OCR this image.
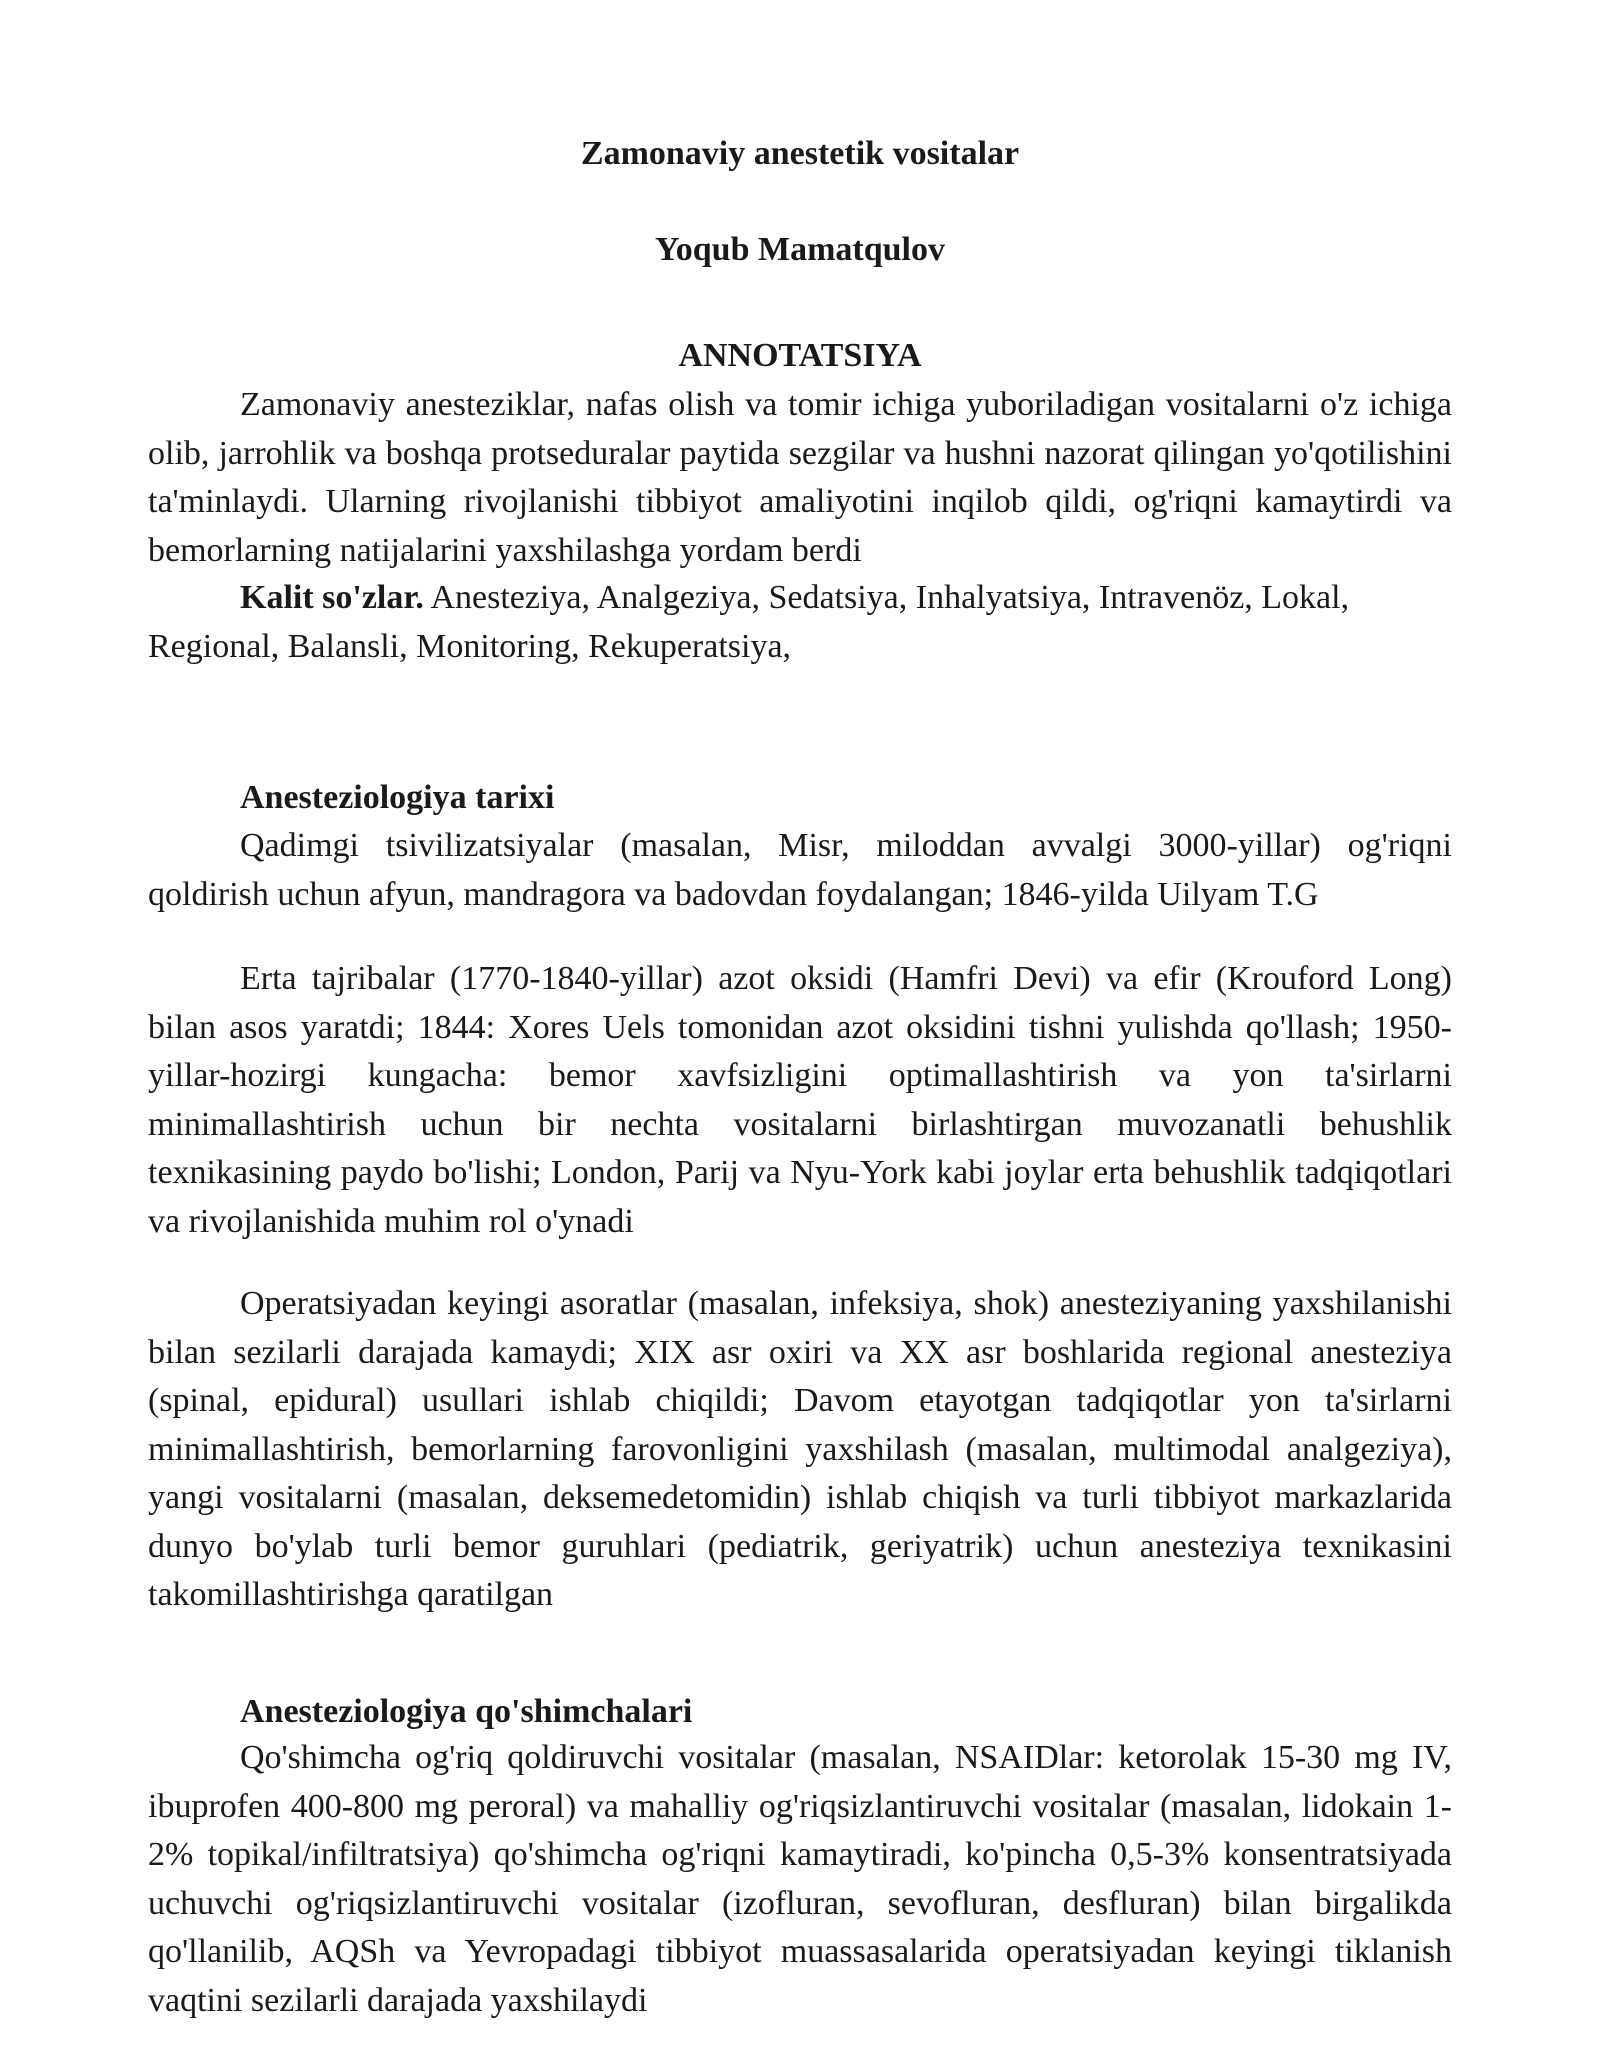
Zamonaviy anestetik vositalar
Yoqub Mamatqulov
ANNOTATSIYA

Zamonaviy anesteziklar, nafas olish va tomir ichiga yuboriladigan vositalarni o'z ichiga olib, jarrohlik va boshqa protseduralar paytida sezgilar va hushni nazorat qilingan yo'qotilishini ta'minlaydi. Ularning rivojlanishi tibbiyot amaliyotini inqilob qildi, og'riqni kamaytirdi va bemorlarning natijalarini yaxshilashga yordam berdi

Kalit so'zlar. Anesteziya, Analgeziya, Sedatsiya, Inhalyatsiya, Intravenöz, Lokal, Regional, Balansli, Monitoring, Rekuperatsiya,

Anesteziologiya tarixi

Qadimgi tsivilizatsiyalar (masalan, Misr, miloddan avvalgi 3000-yillar) og'riqni qoldirish uchun afyun, mandragora va badovdan foydalangan; 1846-yilda Uilyam T.G

Erta tajribalar (1770-1840-yillar) azot oksidi (Hamfri Devi) va efir (Krouford Long) bilan asos yaratdi; 1844: Xores Uels tomonidan azot oksidini tishni yulishda qo'llash; 1950-yillar-hozirgi kungacha: bemor xavfsizligini optimallashtirish va yon ta'sirlarni minimallashtirish uchun bir nechta vositalarni birlashtirgan muvozanatli behushlik texnikasining paydo bo'lishi; London, Parij va Nyu-York kabi joylar erta behushlik tadqiqotlari va rivojlanishida muhim rol o'ynadi

Operatsiyadan keyingi asoratlar (masalan, infeksiya, shok) anesteziyaning yaxshilanishi bilan sezilarli darajada kamaydi; XIX asr oxiri va XX asr boshlarida regional anesteziya (spinal, epidural) usullari ishlab chiqildi; Davom etayotgan tadqiqotlar yon ta'sirlarni minimallashtirish, bemorlarning farovonligini yaxshilash (masalan, multimodal analgeziya), yangi vositalarni (masalan, deksemedetomidin) ishlab chiqish va turli tibbiyot markazlarida dunyo bo'ylab turli bemor guruhlari (pediatrik, geriyatrik) uchun anesteziya texnikasini takomillashtirishga qaratilgan

Anesteziologiya qo'shimchalari

Qo'shimcha og'riq qoldiruvchi vositalar (masalan, NSAIDlar: ketorolak 15-30 mg IV, ibuprofen 400-800 mg peroral) va mahalliy og'riqsizlantiruvchi vositalar (masalan, lidokain 1-2% topikal/infiltratsiya) qo'shimcha og'riqni kamaytiradi, ko'pincha 0,5-3% konsentratsiyada uchuvchi og'riqsizlantiruvchi vositalar (izofluran, sevofluran, desfluran) bilan birgalikda qo'llanilib, AQSh va Yevropadagi tibbiyot muassasalarida operatsiyadan keyingi tiklanish vaqtini sezilarli darajada yaxshilaydi
